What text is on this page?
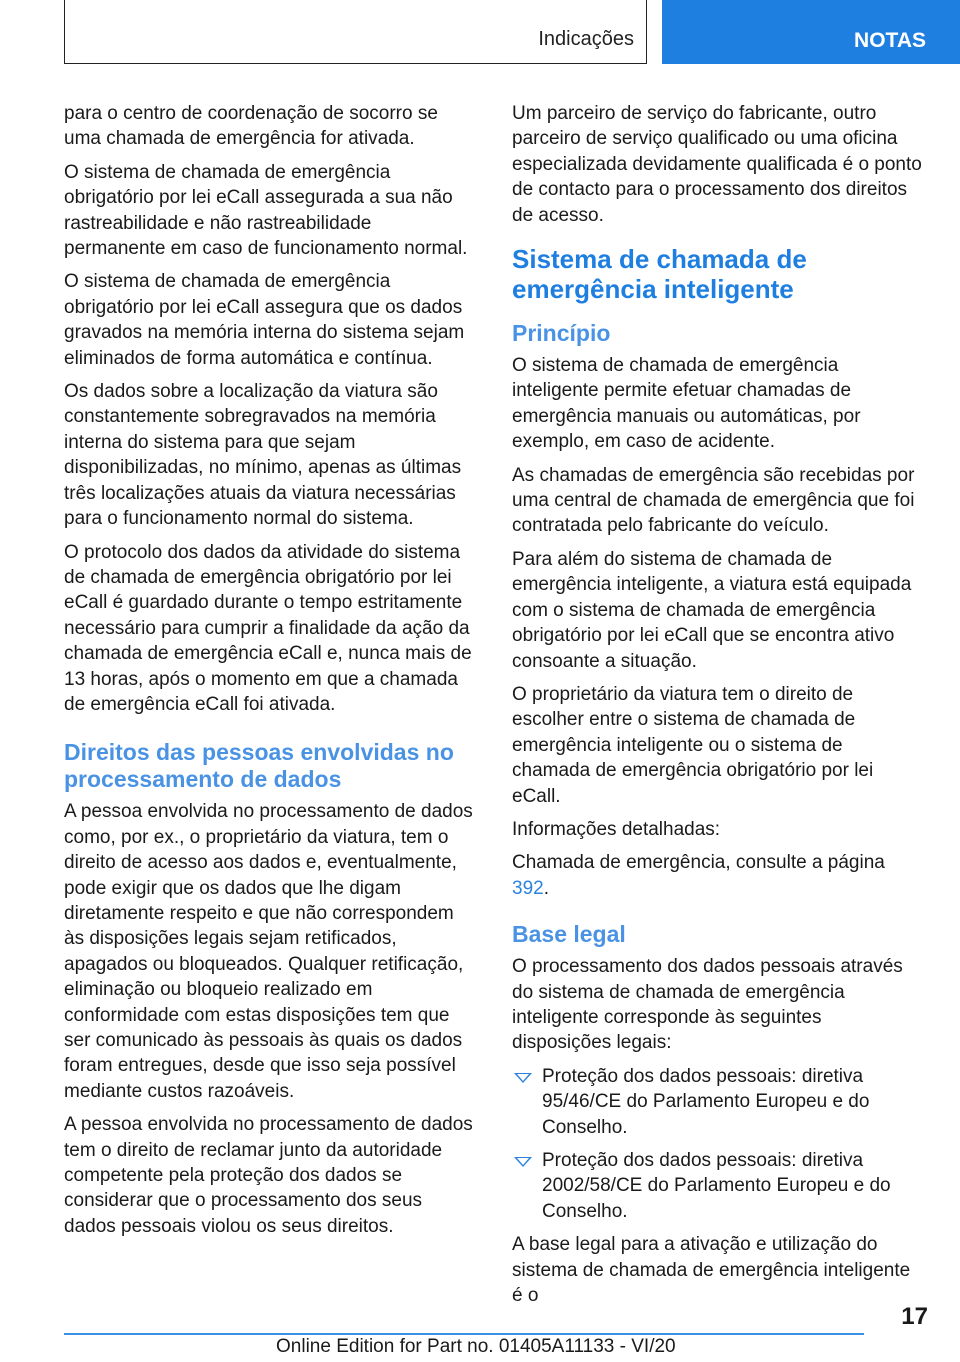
Indicações	NOTAS

para o centro de coordenação de socorro se uma chamada de emergência for ativada.

O sistema de chamada de emergência obrigatório por lei eCall assegurada a sua não rastreabilidade e não rastreabilidade permanente em caso de funcionamento normal.

O sistema de chamada de emergência obrigatório por lei eCall assegura que os dados gravados na memória interna do sistema sejam eliminados de forma automática e contínua.

Os dados sobre a localização da viatura são constantemente sobregravados na memória interna do sistema para que sejam disponibilizadas, no mínimo, apenas as últimas três localizações atuais da viatura necessárias para o funcionamento normal do sistema.

O protocolo dos dados da atividade do sistema de chamada de emergência obrigatório por lei eCall é guardado durante o tempo estritamente necessário para cumprir a finalidade da ação da chamada de emergência eCall e, nunca mais de 13 horas, após o momento em que a chamada de emergência eCall foi ativada.

Direitos das pessoas envolvidas no processamento de dados

A pessoa envolvida no processamento de dados como, por ex., o proprietário da viatura, tem o direito de acesso aos dados e, eventualmente, pode exigir que os dados que lhe digam diretamente respeito e que não correspondem às disposições legais sejam retificados, apagados ou bloqueados. Qualquer retificação, eliminação ou bloqueio realizado em conformidade com estas disposições tem que ser comunicado às pessoais às quais os dados foram entregues, desde que isso seja possível mediante custos razoáveis.

A pessoa envolvida no processamento de dados tem o direito de reclamar junto da autoridade competente pela proteção dos dados se considerar que o processamento dos seus dados pessoais violou os seus direitos.

Um parceiro de serviço do fabricante, outro parceiro de serviço qualificado ou uma oficina especializada devidamente qualificada é o ponto de contacto para o processamento dos direitos de acesso.

Sistema de chamada de emergência inteligente
Princípio

O sistema de chamada de emergência inteligente permite efetuar chamadas de emergência manuais ou automáticas, por exemplo, em caso de acidente.

As chamadas de emergência são recebidas por uma central de chamada de emergência que foi contratada pelo fabricante do veículo.

Para além do sistema de chamada de emergência inteligente, a viatura está equipada com o sistema de chamada de emergência obrigatório por lei eCall que se encontra ativo consoante a situação.

O proprietário da viatura tem o direito de escolher entre o sistema de chamada de emergência inteligente ou o sistema de chamada de emergência obrigatório por lei eCall.

Informações detalhadas:

Chamada de emergência, consulte a página 392.

Base legal

O processamento dos dados pessoais através do sistema de chamada de emergência inteligente corresponde às seguintes disposições legais:

Proteção dos dados pessoais: diretiva 95/46/CE do Parlamento Europeu e do Conselho.
Proteção dos dados pessoais: diretiva 2002/58/CE do Parlamento Europeu e do Conselho.

A base legal para a ativação e utilização do sistema de chamada de emergência inteligente é o

17
Online Edition for Part no. 01405A11133 - VI/20
